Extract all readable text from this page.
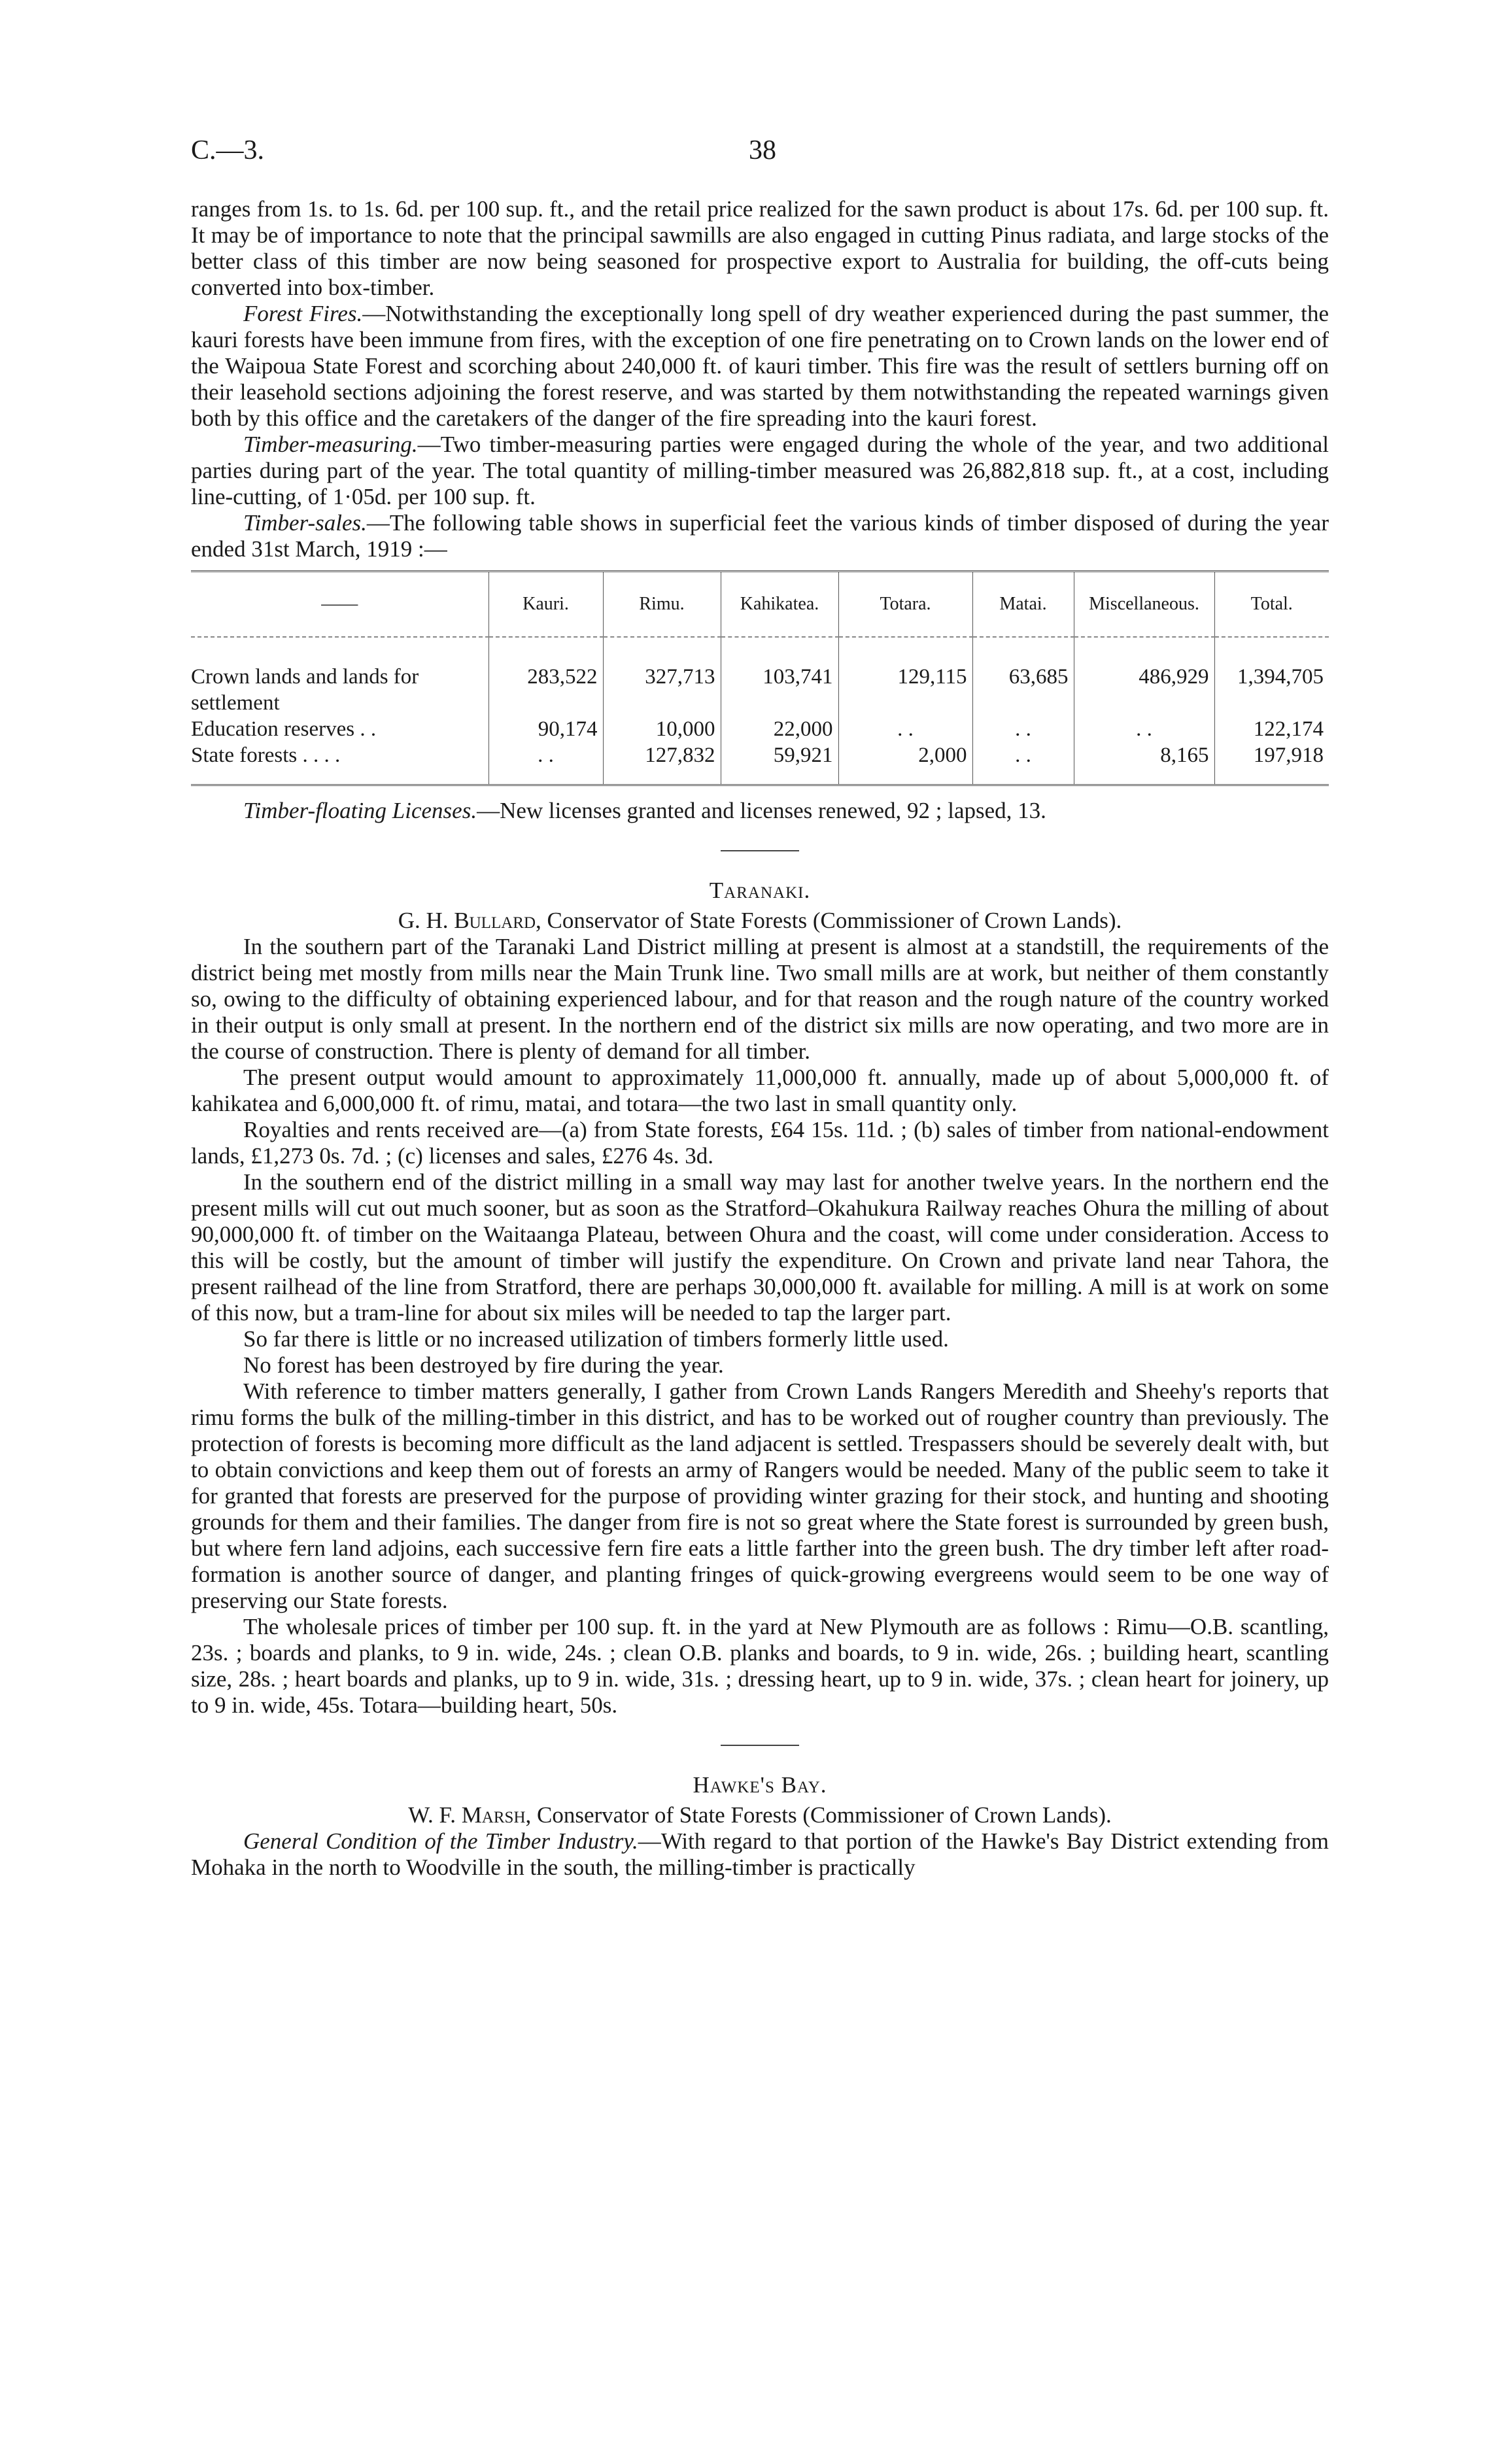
C.—3.	38

ranges from 1s. to 1s. 6d. per 100 sup. ft., and the retail price realized for the sawn product is about 17s. 6d. per 100 sup. ft. It may be of importance to note that the principal sawmills are also engaged in cutting Pinus radiata, and large stocks of the better class of this timber are now being seasoned for prospective export to Australia for building, the off-cuts being converted into box-timber.

Forest Fires.—Notwithstanding the exceptionally long spell of dry weather experienced during the past summer, the kauri forests have been immune from fires, with the exception of one fire penetrating on to Crown lands on the lower end of the Waipoua State Forest and scorching about 240,000 ft. of kauri timber. This fire was the result of settlers burning off on their leasehold sections adjoining the forest reserve, and was started by them notwithstanding the repeated warnings given both by this office and the caretakers of the danger of the fire spreading into the kauri forest.

Timber-measuring.—Two timber-measuring parties were engaged during the whole of the year, and two additional parties during part of the year. The total quantity of milling-timber measured was 26,882,818 sup. ft., at a cost, including line-cutting, of 1·05d. per 100 sup. ft.

Timber-sales.—The following table shows in superficial feet the various kinds of timber disposed of during the year ended 31st March, 1919 :—

——	Kauri.	Rimu.	Kahikatea.	Totara.	Matai.	Miscellaneous.	Total.

Crown lands and lands for settlement	283,522	327,713	103,741	129,115	63,685	486,929	1,394,705
Education reserves . .	90,174	10,000	22,000	. .	. .	. .	122,174
State forests . . . .	. .	127,832	59,921	2,000	. .	8,165	197,918

Timber-floating Licenses.—New licenses granted and licenses renewed, 92 ; lapsed, 13.

Taranaki.

G. H. Bullard, Conservator of State Forests (Commissioner of Crown Lands).

In the southern part of the Taranaki Land District milling at present is almost at a standstill, the requirements of the district being met mostly from mills near the Main Trunk line. Two small mills are at work, but neither of them constantly so, owing to the difficulty of obtaining experienced labour, and for that reason and the rough nature of the country worked in their output is only small at present. In the northern end of the district six mills are now operating, and two more are in the course of construction. There is plenty of demand for all timber.

The present output would amount to approximately 11,000,000 ft. annually, made up of about 5,000,000 ft. of kahikatea and 6,000,000 ft. of rimu, matai, and totara—the two last in small quantity only.

Royalties and rents received are—(a) from State forests, £64 15s. 11d. ; (b) sales of timber from national-endowment lands, £1,273 0s. 7d. ; (c) licenses and sales, £276 4s. 3d.

In the southern end of the district milling in a small way may last for another twelve years. In the northern end the present mills will cut out much sooner, but as soon as the Stratford–Okahukura Railway reaches Ohura the milling of about 90,000,000 ft. of timber on the Waitaanga Plateau, between Ohura and the coast, will come under consideration. Access to this will be costly, but the amount of timber will justify the expenditure. On Crown and private land near Tahora, the present railhead of the line from Stratford, there are perhaps 30,000,000 ft. available for milling. A mill is at work on some of this now, but a tram-line for about six miles will be needed to tap the larger part.

So far there is little or no increased utilization of timbers formerly little used.

No forest has been destroyed by fire during the year.

With reference to timber matters generally, I gather from Crown Lands Rangers Meredith and Sheehy's reports that rimu forms the bulk of the milling-timber in this district, and has to be worked out of rougher country than previously. The protection of forests is becoming more difficult as the land adjacent is settled. Trespassers should be severely dealt with, but to obtain convictions and keep them out of forests an army of Rangers would be needed. Many of the public seem to take it for granted that forests are preserved for the purpose of providing winter grazing for their stock, and hunting and shooting grounds for them and their families. The danger from fire is not so great where the State forest is surrounded by green bush, but where fern land adjoins, each successive fern fire eats a little farther into the green bush. The dry timber left after road-formation is another source of danger, and planting fringes of quick-growing evergreens would seem to be one way of preserving our State forests.

The wholesale prices of timber per 100 sup. ft. in the yard at New Plymouth are as follows : Rimu—O.B. scantling, 23s. ; boards and planks, to 9 in. wide, 24s. ; clean O.B. planks and boards, to 9 in. wide, 26s. ; building heart, scantling size, 28s. ; heart boards and planks, up to 9 in. wide, 31s. ; dressing heart, up to 9 in. wide, 37s. ; clean heart for joinery, up to 9 in. wide, 45s. Totara—building heart, 50s.

Hawke's Bay.

W. F. Marsh, Conservator of State Forests (Commissioner of Crown Lands).

General Condition of the Timber Industry.—With regard to that portion of the Hawke's Bay District extending from Mohaka in the north to Woodville in the south, the milling-timber is practically
